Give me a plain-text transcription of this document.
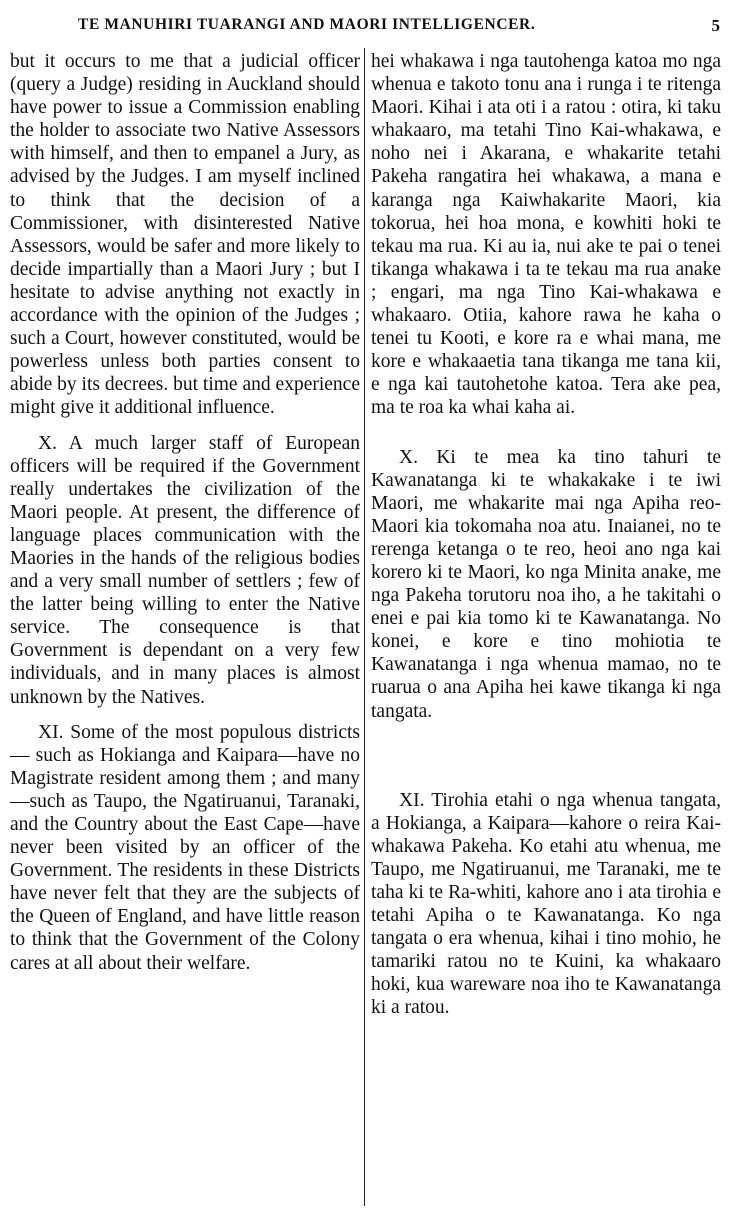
TE MANUHIRI TUARANGI AND MAORI INTELLIGENCER.	5

but it occurs to me that a judicial officer (query a Judge) residing in Auckland should have power to issue a Commission enabling the holder to associate two Native Assessors with himself, and then to empanel a Jury, as advised by the Judges. I am myself inclined to think that the decision of a Commissioner, with disinterested Native Assessors, would be safer and more likely to decide impartially than a Maori Jury ; but I hesitate to advise anything not exactly in accordance with the opinion of the Judges ; such a Court, however constituted, would be powerless unless both parties consent to abide by its decrees. but time and experience might give it additional influence.

X. A much larger staff of European officers will be required if the Government really undertakes the civilization of the Maori people. At present, the difference of language places communication with the Maories in the hands of the religious bodies and a very small number of settlers ; few of the latter being willing to enter the Native service. The consequence is that Government is dependant on a very few individuals, and in many places is almost unknown by the Natives.

XI. Some of the most populous districts — such as Hokianga and Kaipara—have no Magistrate resident among them ; and many—such as Taupo, the Ngatiruanui, Taranaki, and the Country about the East Cape—have never been visited by an officer of the Government. The residents in these Districts have never felt that they are the subjects of the Queen of England, and have little reason to think that the Government of the Colony cares at all about their welfare.

hei whakawa i nga tautohenga katoa mo nga whenua e takoto tonu ana i runga i te ritenga Maori. Kihai i ata oti i a ratou : otira, ki taku whakaaro, ma tetahi Tino Kai-whakawa, e noho nei i Akarana, e whakarite tetahi Pakeha rangatira hei whakawa, a mana e karanga nga Kaiwhakarite Maori, kia tokorua, hei hoa mona, e kowhiti hoki te tekau ma rua. Ki au ia, nui ake te pai o tenei tikanga whakawa i ta te tekau ma rua anake ; engari, ma nga Tino Kai-whakawa e whakaaro. Otiia, kahore rawa he kaha o tenei tu Kooti, e kore ra e whai mana, me kore e whakaaetia tana tikanga me tana kii, e nga kai tautohetohe katoa. Tera ake pea, ma te roa ka whai kaha ai.

X. Ki te mea ka tino tahuri te Kawanatanga ki te whakakake i te iwi Maori, me whakarite mai nga Apiha reo-Maori kia tokomaha noa atu. Inaianei, no te rerenga ketanga o te reo, heoi ano nga kai korero ki te Maori, ko nga Minita anake, me nga Pakeha torutoru noa iho, a he takitahi o enei e pai kia tomo ki te Kawanatanga. No konei, e kore e tino mohiotia te Kawanatanga i nga whenua mamao, no te ruarua o ana Apiha hei kawe tikanga ki nga tangata.

XI. Tirohia etahi o nga whenua tangata, a Hokianga, a Kaipara—kahore o reira Kai-whakawa Pakeha. Ko etahi atu whenua, me Taupo, me Ngatiruanui, me Taranaki, me te taha ki te Ra-whiti, kahore ano i ata tirohia e tetahi Apiha o te Kawanatanga. Ko nga tangata o era whenua, kihai i tino mohio, he tamariki ratou no te Kuini, ka whakaaro hoki, kua wareware noa iho te Kawanatanga ki a ratou.
